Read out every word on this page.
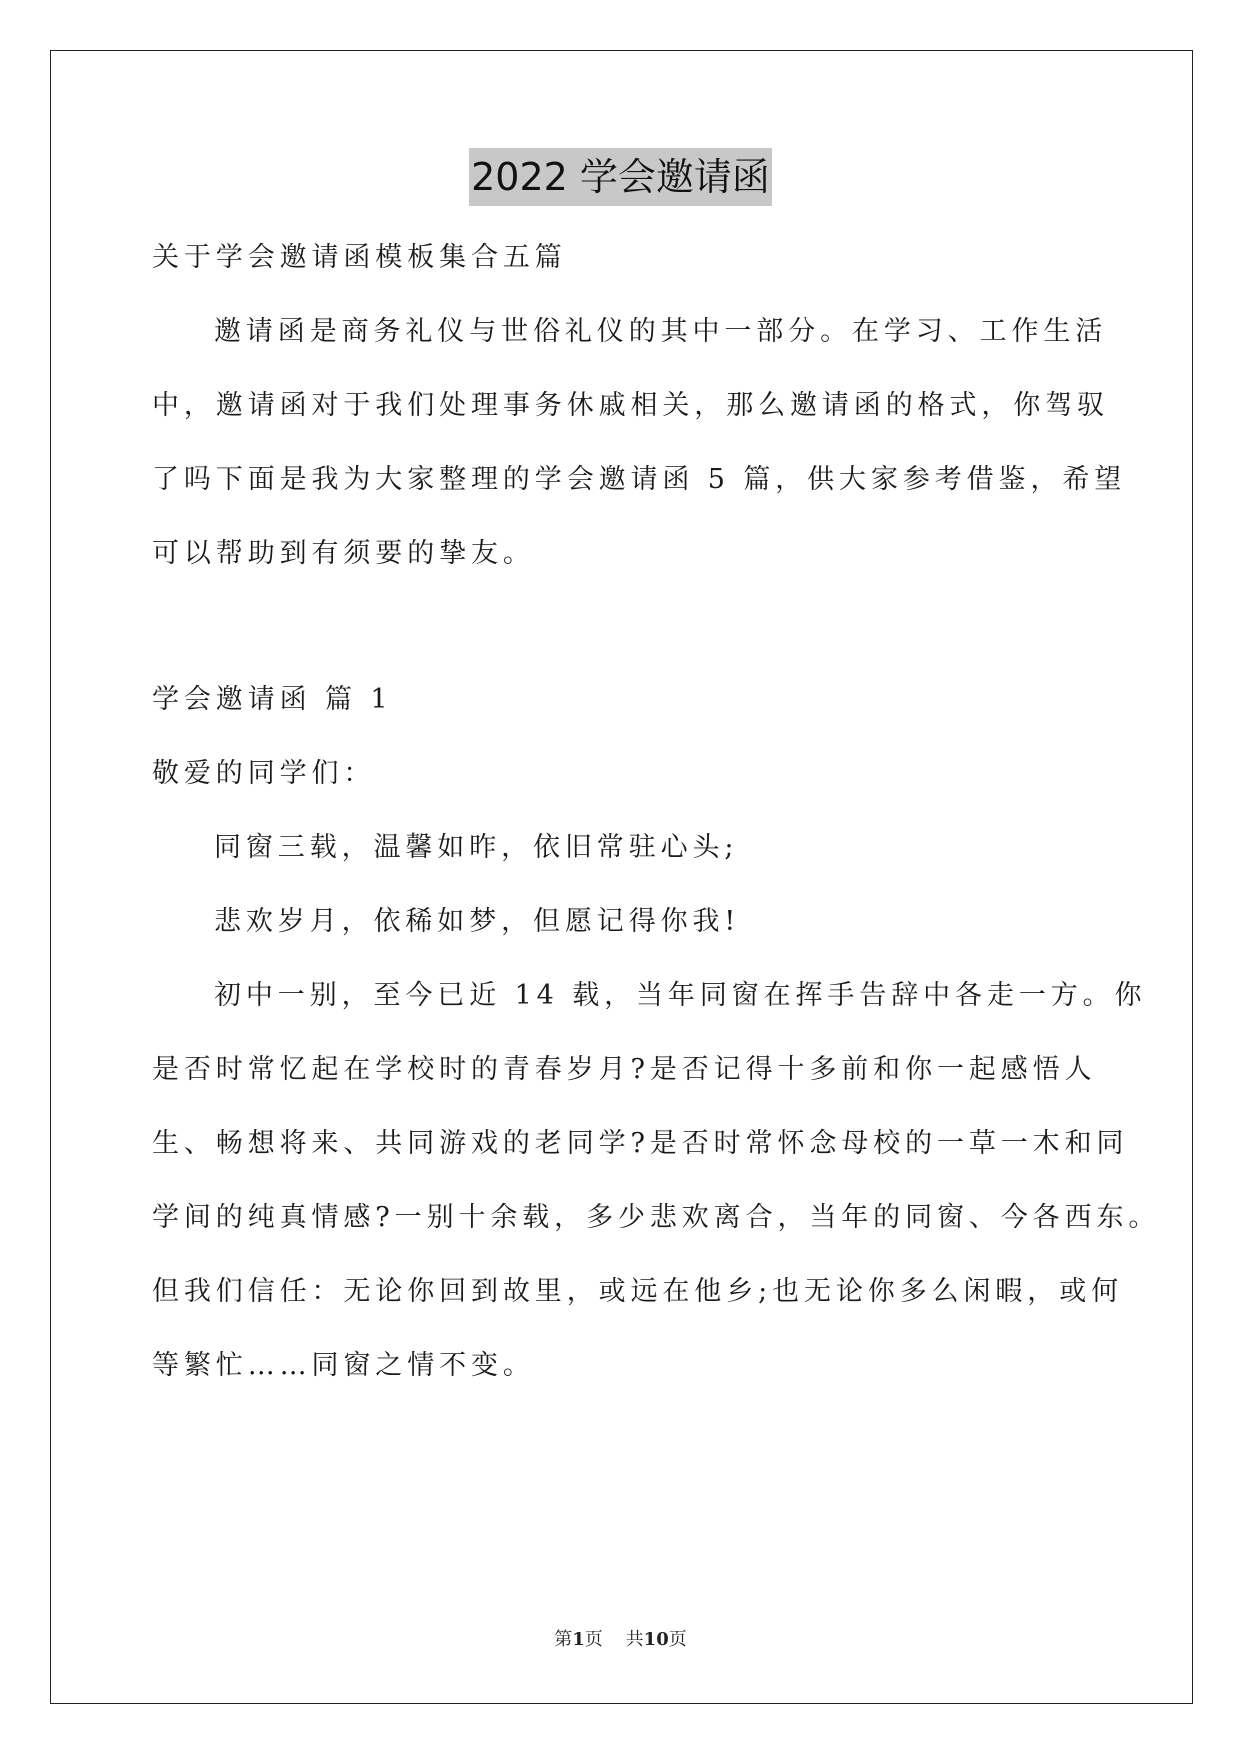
2022 学会邀请函
关于学会邀请函模板集合五篇
邀请函是商务礼仪与世俗礼仪的其中一部分。在学习、工作生活
中，邀请函对于我们处理事务休戚相关，那么邀请函的格式，你驾驭
了吗下面是我为大家整理的学会邀请函 5 篇，供大家参考借鉴，希望
可以帮助到有须要的挚友。
学会邀请函 篇 1
敬爱的同学们：
同窗三载，温馨如昨，依旧常驻心头;
悲欢岁月，依稀如梦，但愿记得你我!
初中一别，至今已近 14 载，当年同窗在挥手告辞中各走一方。你
是否时常忆起在学校时的青春岁月?是否记得十多前和你一起感悟人
生、畅想将来、共同游戏的老同学?是否时常怀念母校的一草一木和同
学间的纯真情感?一别十余载，多少悲欢离合，当年的同窗、今各西东。
但我们信任：无论你回到故里，或远在他乡;也无论你多么闲暇，或何
等繁忙……同窗之情不变。
第1页 共10页
